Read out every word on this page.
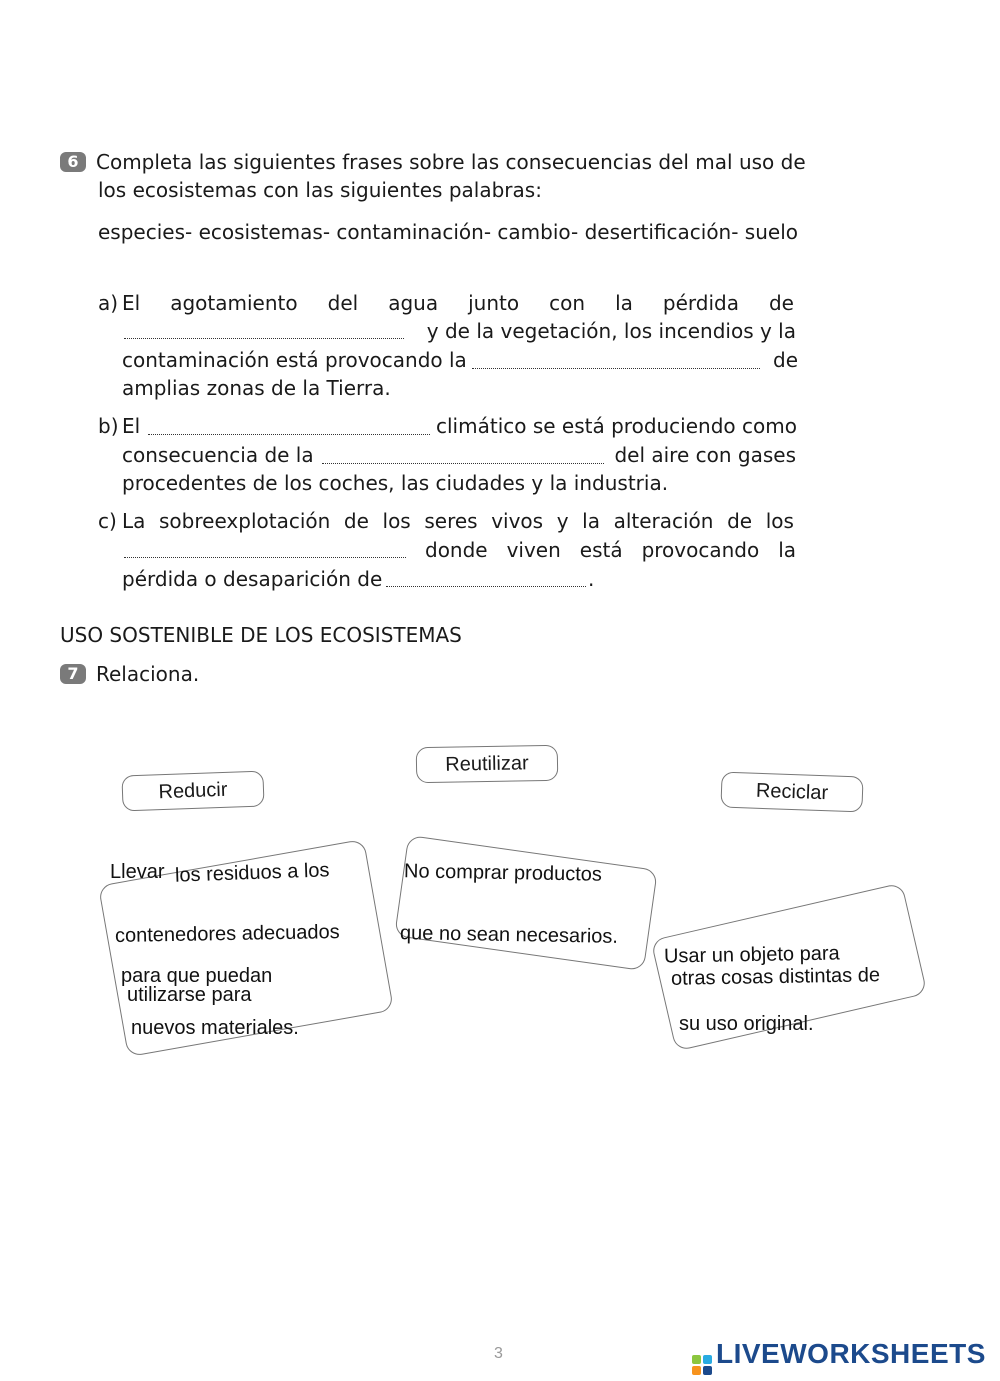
6 Completa las siguientes frases sobre las consecuencias del mal uso de
los ecosistemas con las siguientes palabras:
especies- ecosistemas- contaminación- cambio- desertificación- suelo
a) El agotamiento del agua junto con la pérdida de
y de la vegetación, los incendios y la
contaminación está provocando la	de
amplias zonas de la Tierra.
b) El	climático se está produciendo como
consecuencia de la	del aire con gases
procedentes de los coches, las ciudades y la industria.
c) La sobreexplotación de los seres vivos y la alteración de los
donde viven está provocando la
pérdida o desaparición de	.
USO SOSTENIBLE DE LOS ECOSISTEMAS
7 Relaciona.
Reducir
Reutilizar
Reciclar
Llevar los residuos a los
contenedores adecuados
para que puedan
utilizarse para
nuevos materiales.
No comprar productos
que no sean necesarios.
Usar un objeto para
otras cosas distintas de
su uso original.
3	LIVEWORKSHEETS
